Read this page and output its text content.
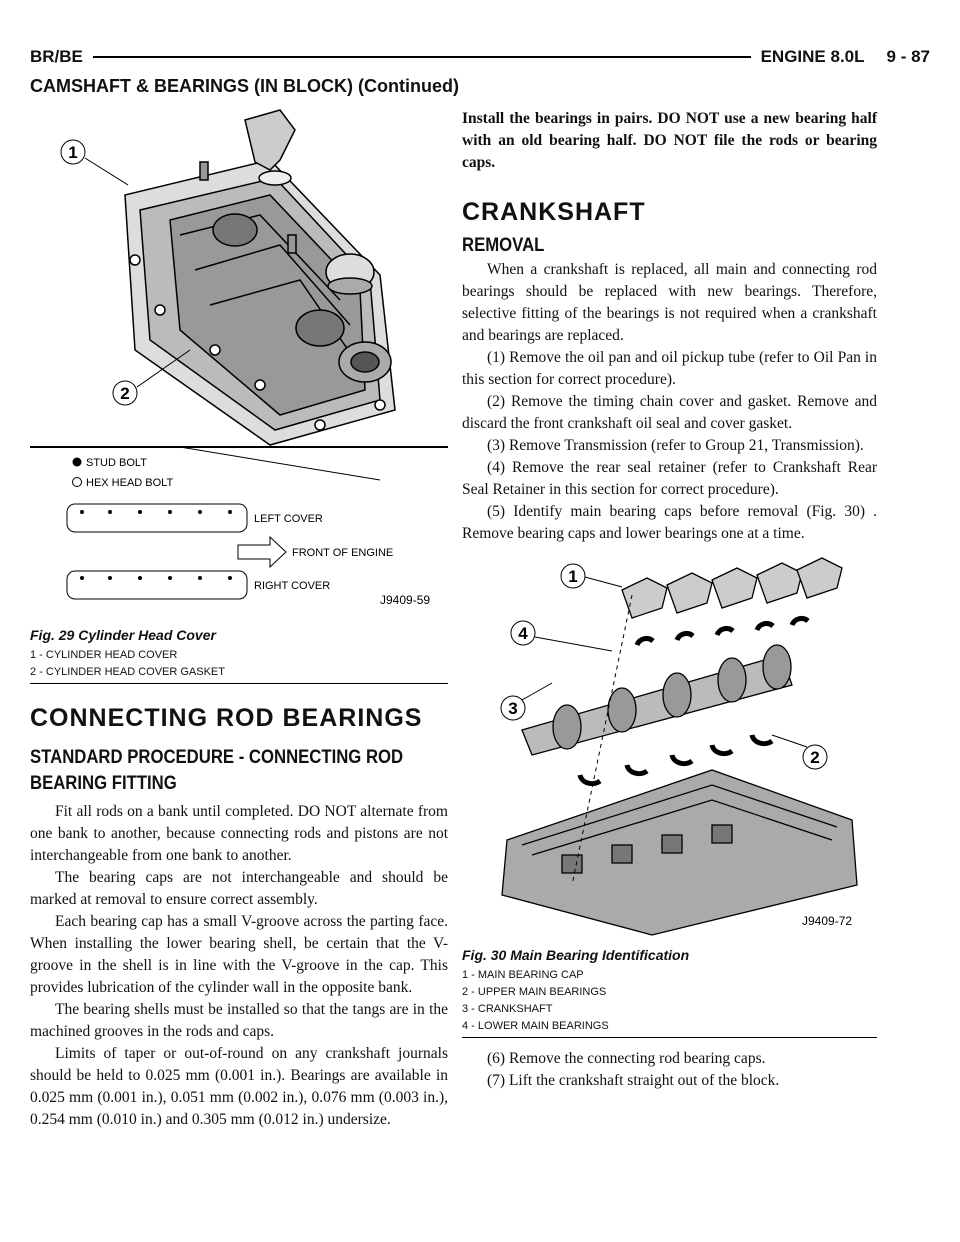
BR/BE	ENGINE 8.0L 9 - 87
CAMSHAFT & BEARINGS (IN BLOCK) (Continued)
1
2
STUD BOLT
HEX HEAD BOLT
LEFT COVER
FRONT OF ENGINE
RIGHT COVER
J9409-59
Fig. 29 Cylinder Head Cover
1 - CYLINDER HEAD COVER
2 - CYLINDER HEAD COVER GASKET
CONNECTING ROD BEARINGS
STANDARD PROCEDURE - CONNECTING ROD
BEARING FITTING

Fit all rods on a bank until completed. DO NOT alternate from one bank to another, because connecting rods and pistons are not interchangeable from one bank to another.

The bearing caps are not interchangeable and should be marked at removal to ensure correct assembly.

Each bearing cap has a small V-groove across the parting face. When installing the lower bearing shell, be certain that the V-groove in the shell is in line with the V-groove in the cap. This provides lubrication of the cylinder wall in the opposite bank.

The bearing shells must be installed so that the tangs are in the machined grooves in the rods and caps.

Limits of taper or out-of-round on any crankshaft journals should be held to 0.025 mm (0.001 in.). Bearings are available in 0.025 mm (0.001 in.), 0.051 mm (0.002 in.), 0.076 mm (0.003 in.), 0.254 mm (0.010 in.) and 0.305 mm (0.012 in.) undersize.

Install the bearings in pairs. DO NOT use a new bearing half with an old bearing half. DO NOT file the rods or bearing caps.

CRANKSHAFT
REMOVAL

When a crankshaft is replaced, all main and connecting rod bearings should be replaced with new bearings. Therefore, selective fitting of the bearings is not required when a crankshaft and bearings are replaced.

(1) Remove the oil pan and oil pickup tube (refer to Oil Pan in this section for correct procedure).

(2) Remove the timing chain cover and gasket. Remove and discard the front crankshaft oil seal and cover gasket.

(3) Remove Transmission (refer to Group 21, Transmission).

(4) Remove the rear seal retainer (refer to Crankshaft Rear Seal Retainer in this section for correct procedure).

(5) Identify main bearing caps before removal (Fig. 30) . Remove bearing caps and lower bearings one at a time.

1
2
3
4
J9409-72
Fig. 30 Main Bearing Identification
1 - MAIN BEARING CAP
2 - UPPER MAIN BEARINGS
3 - CRANKSHAFT
4 - LOWER MAIN BEARINGS

(6) Remove the connecting rod bearing caps.

(7) Lift the crankshaft straight out of the block.
